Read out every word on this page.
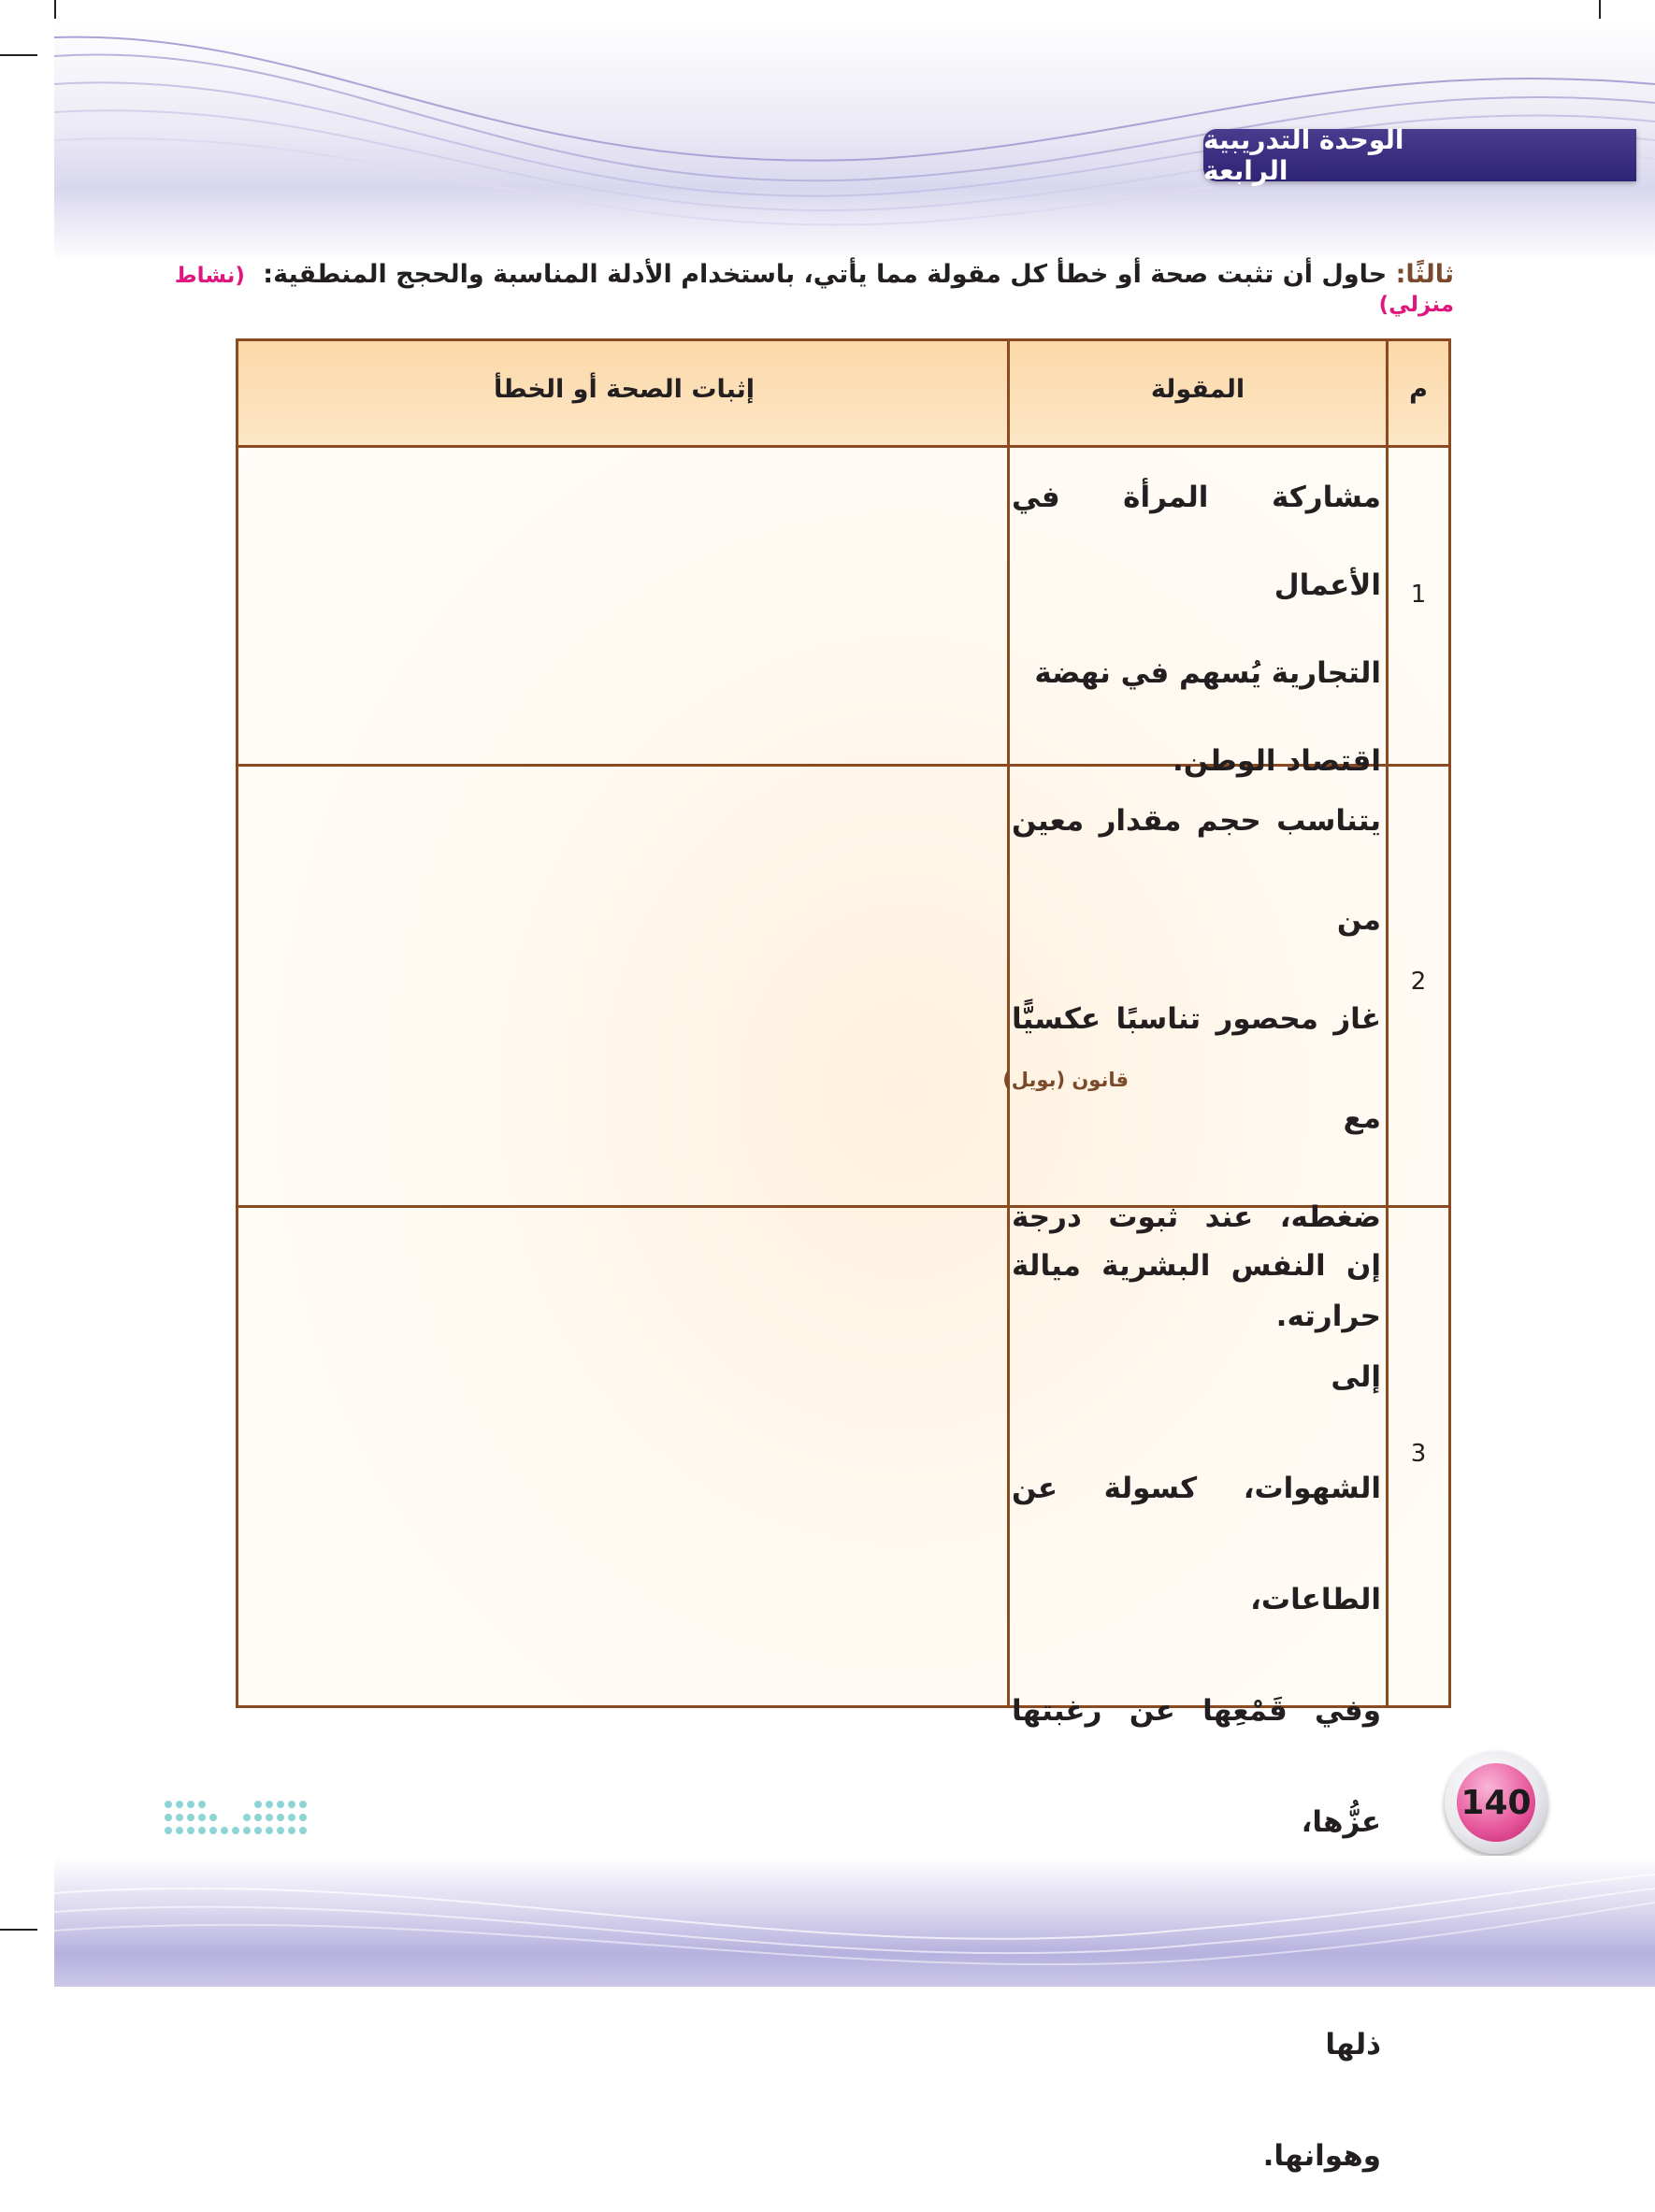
الوحدة التدريبية الرابعة
ثالثًا: حاول أن تثبت صحة أو خطأ كل مقولة مما يأتي، باستخدام الأدلة المناسبة والحجج المنطقية: (نشاط منزلي)
م
المقولة
إثبات الصحة أو الخطأ
1

مشاركة المرأة في الأعمال

التجارية يُسهم في نهضة

اقتصاد الوطن.

2

يتناسب حجم مقدار معين من

غاز محصور تناسبًا عكسيًّا مع

ضغطه، عند ثبوت درجة حرارته.

قانون (بويل)
3

إن النفس البشرية ميالة إلى

الشهوات، كسولة عن الطاعات،

وفي قَمْعِها عن رغبتها عزُّها،

ذلها

وهوانها.

140
